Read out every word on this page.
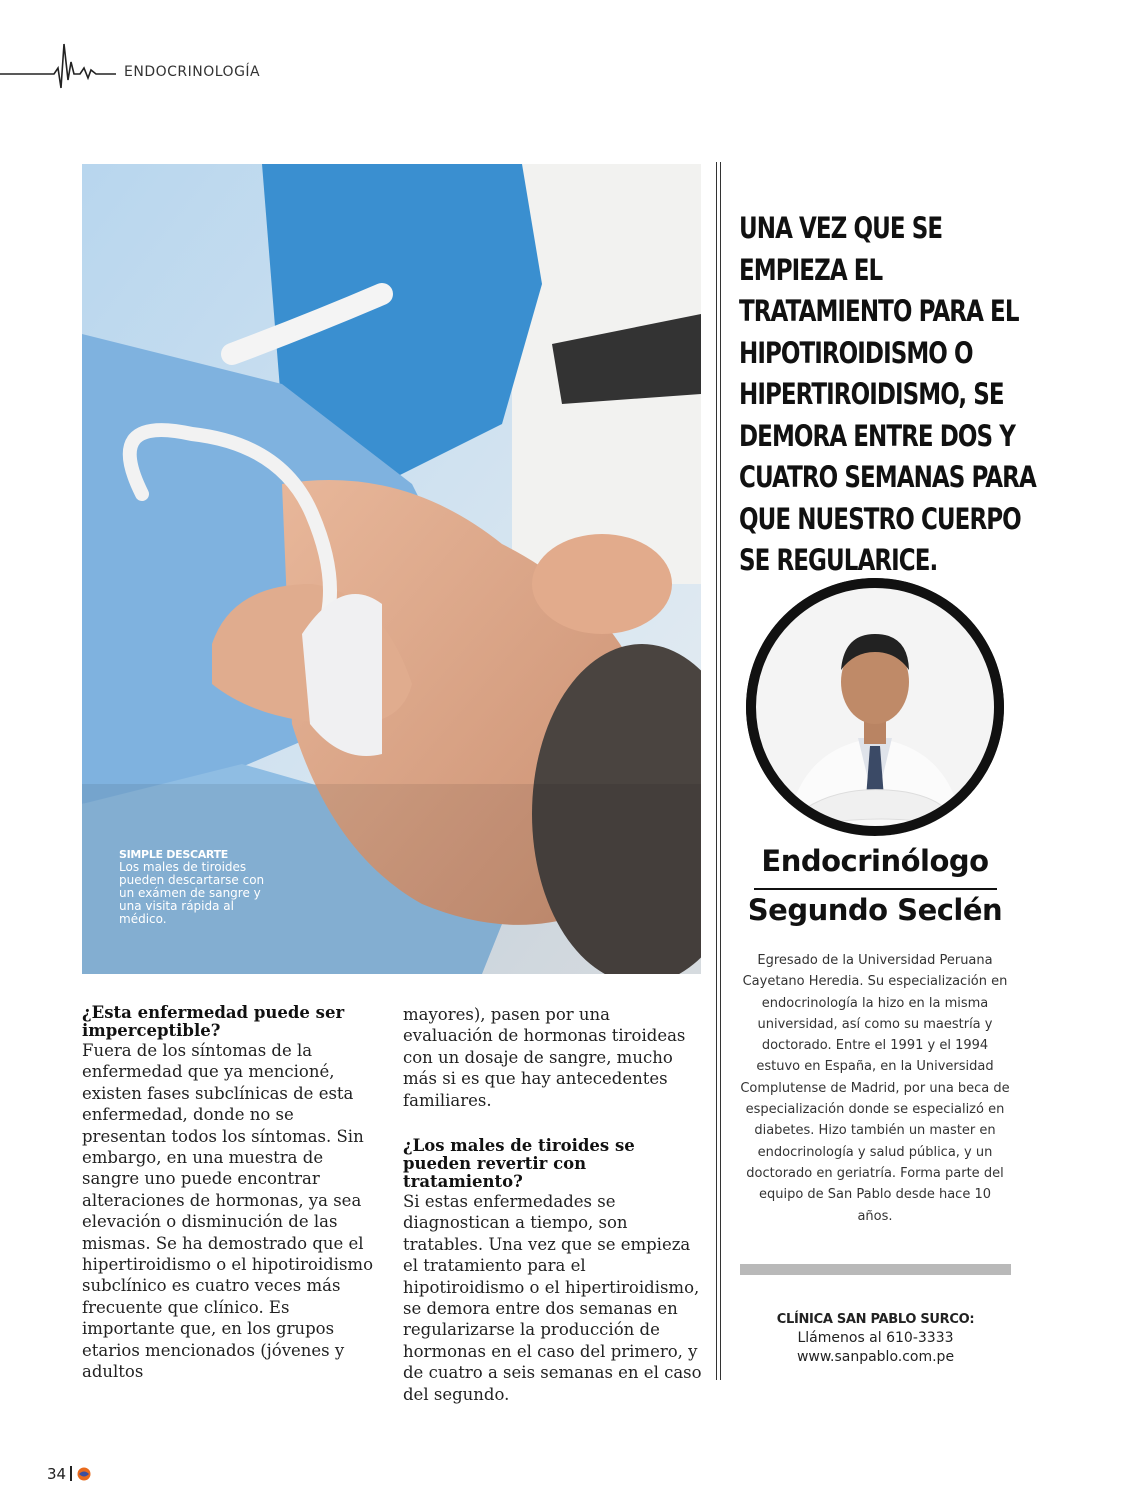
ENDOCRINOLOGÍA
SIMPLE DESCARTE
Los males de tiroides pueden descartarse con un exámen de sangre y una visita rápida al médico.
¿Esta enfermedad puede ser imperceptible?

Fuera de los síntomas de la enfermedad que ya mencioné, existen fases subclínicas de esta enfermedad, donde no se presentan todos los síntomas. Sin embargo, en una muestra de sangre uno puede encontrar alteraciones de hormonas, ya sea elevación o disminución de las mismas. Se ha demostrado que el hipertiroidismo o el hipotiroidismo subclínico es cuatro veces más frecuente que clínico. Es importante que, en los grupos etarios mencionados (jóvenes y adultos

mayores), pasen por una evaluación de hormonas tiroideas con un dosaje de sangre, mucho más si es que hay antecedentes familiares.

¿Los males de tiroides se pueden revertir con tratamiento?

Si estas enfermedades se diagnostican a tiempo, son tratables. Una vez que se empieza el tratamiento para el hipotiroidismo o el hipertiroidismo, se demora entre dos semanas en regularizarse la producción de hormonas en el caso del primero, y de cuatro a seis semanas en el caso del segundo.

UNA VEZ QUE SE EMPIEZA EL TRATAMIENTO PARA EL HIPOTIROIDISMO O HIPERTIROIDISMO, SE DEMORA ENTRE DOS Y CUATRO SEMANAS PARA QUE NUESTRO CUERPO SE REGULARICE.
Endocrinólogo
Segundo Seclén
Egresado de la Universidad Peruana Cayetano Heredia. Su especialización en endocrinología la hizo en la misma universidad, así como su maestría y doctorado. Entre el 1991 y el 1994 estuvo en España, en la Universidad Complutense de Madrid, por una beca de especialización donde se especializó en diabetes. Hizo también un master en endocrinología y salud pública, y un doctorado en geriatría. Forma parte del equipo de San Pablo desde hace 10 años.
CLÍNICA SAN PABLO SURCO:
Llámenos al 610-3333
www.sanpablo.com.pe
34
